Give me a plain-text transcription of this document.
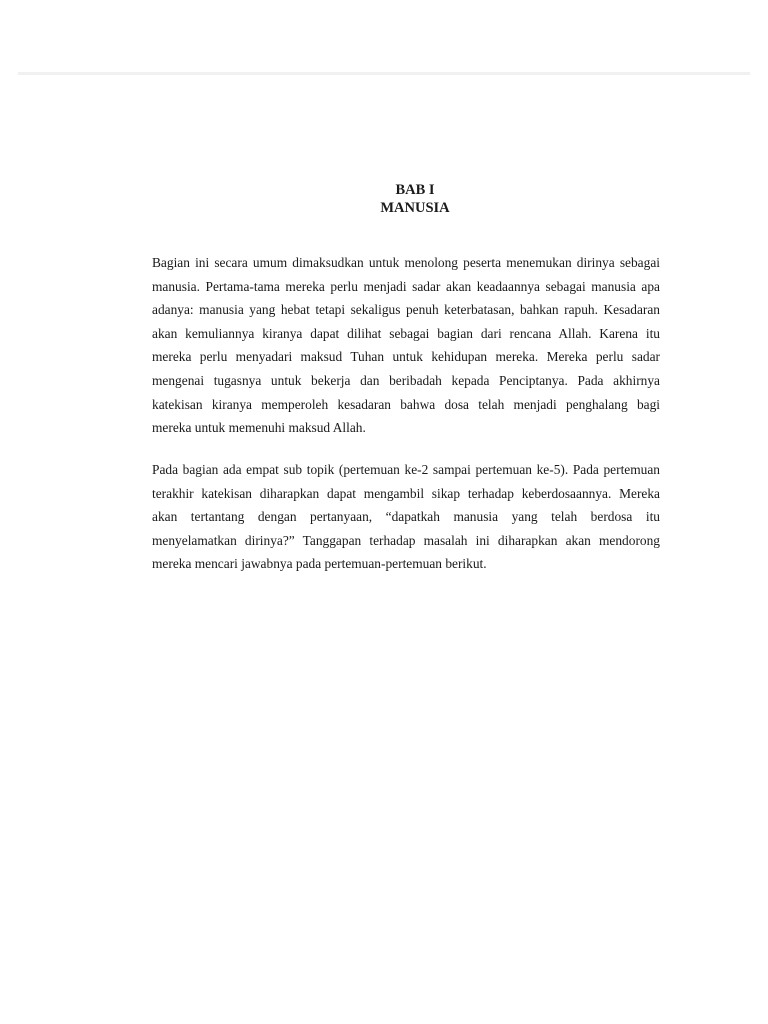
BAB I
MANUSIA

Bagian ini secara umum dimaksudkan untuk menolong peserta menemukan dirinya sebagai
manusia. Pertama-tama mereka perlu menjadi sadar akan keadaannya sebagai manusia apa
adanya: manusia yang hebat tetapi sekaligus penuh keterbatasan, bahkan rapuh. Kesadaran
akan kemuliannya kiranya dapat dilihat sebagai bagian dari rencana Allah. Karena itu
mereka perlu menyadari maksud Tuhan untuk kehidupan mereka. Mereka perlu sadar
mengenai tugasnya untuk bekerja dan beribadah kepada Penciptanya. Pada akhirnya
katekisan kiranya memperoleh kesadaran bahwa dosa telah menjadi penghalang bagi
mereka untuk memenuhi maksud Allah.

Pada bagian ada empat sub topik (pertemuan ke-2 sampai pertemuan ke-5). Pada pertemuan
terakhir katekisan diharapkan dapat mengambil sikap terhadap keberdosaannya. Mereka
akan tertantang dengan pertanyaan, “dapatkah manusia yang telah berdosa itu
menyelamatkan dirinya?” Tanggapan terhadap masalah ini diharapkan akan mendorong
mereka mencari jawabnya pada pertemuan-pertemuan berikut.
